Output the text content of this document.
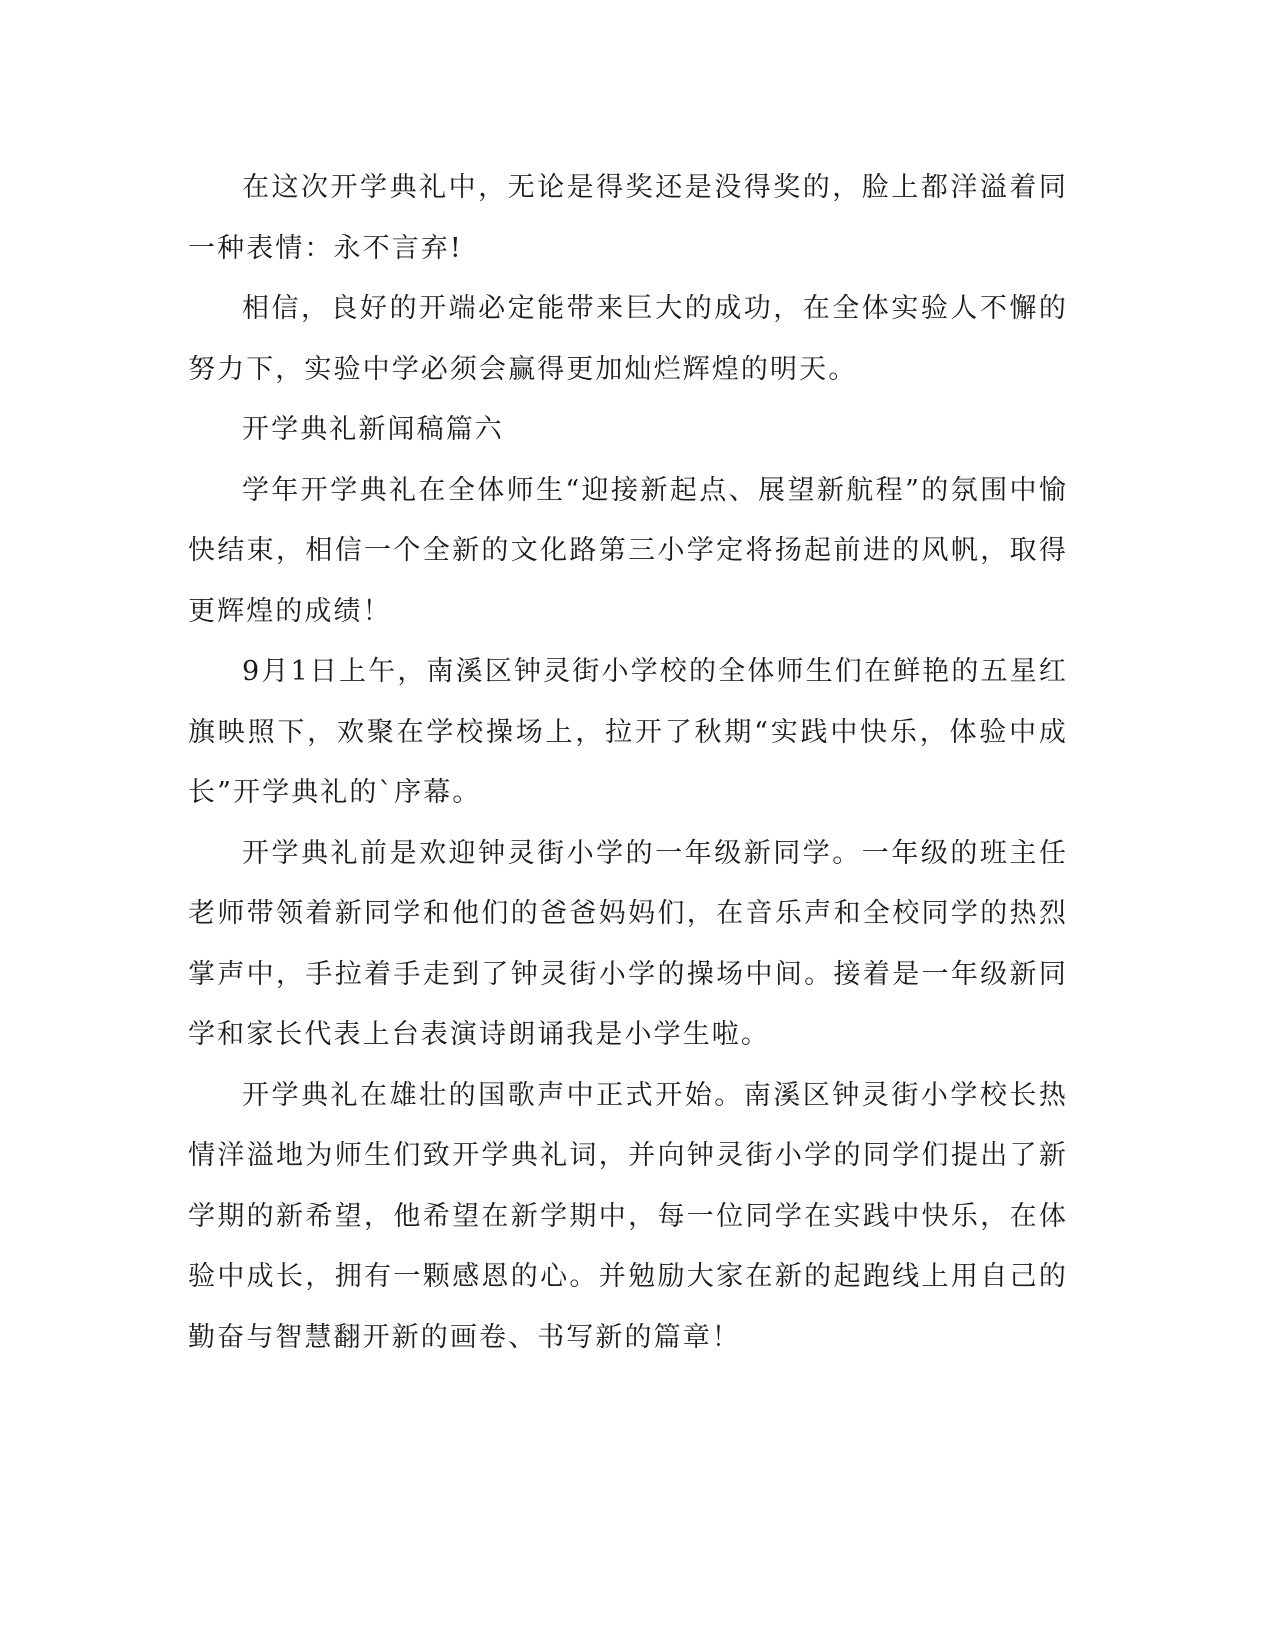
在这次开学典礼中，无论是得奖还是没得奖的，脸上都洋溢着同一种表情：永不言弃!

相信，良好的开端必定能带来巨大的成功，在全体实验人不懈的努力下，实验中学必须会赢得更加灿烂辉煌的明天。

开学典礼新闻稿篇六

学年开学典礼在全体师生“迎接新起点、展望新航程”的氛围中愉快结束，相信一个全新的文化路第三小学定将扬起前进的风帆，取得更辉煌的成绩！

9月1日上午，南溪区钟灵街小学校的全体师生们在鲜艳的五星红旗映照下，欢聚在学校操场上，拉开了秋期“实践中快乐，体验中成长”开学典礼的`序幕。

开学典礼前是欢迎钟灵街小学的一年级新同学。一年级的班主任老师带领着新同学和他们的爸爸妈妈们，在音乐声和全校同学的热烈掌声中，手拉着手走到了钟灵街小学的操场中间。接着是一年级新同学和家长代表上台表演诗朗诵我是小学生啦。

开学典礼在雄壮的国歌声中正式开始。南溪区钟灵街小学校长热情洋溢地为师生们致开学典礼词，并向钟灵街小学的同学们提出了新学期的新希望，他希望在新学期中，每一位同学在实践中快乐，在体验中成长，拥有一颗感恩的心。并勉励大家在新的起跑线上用自己的勤奋与智慧翻开新的画卷、书写新的篇章！
